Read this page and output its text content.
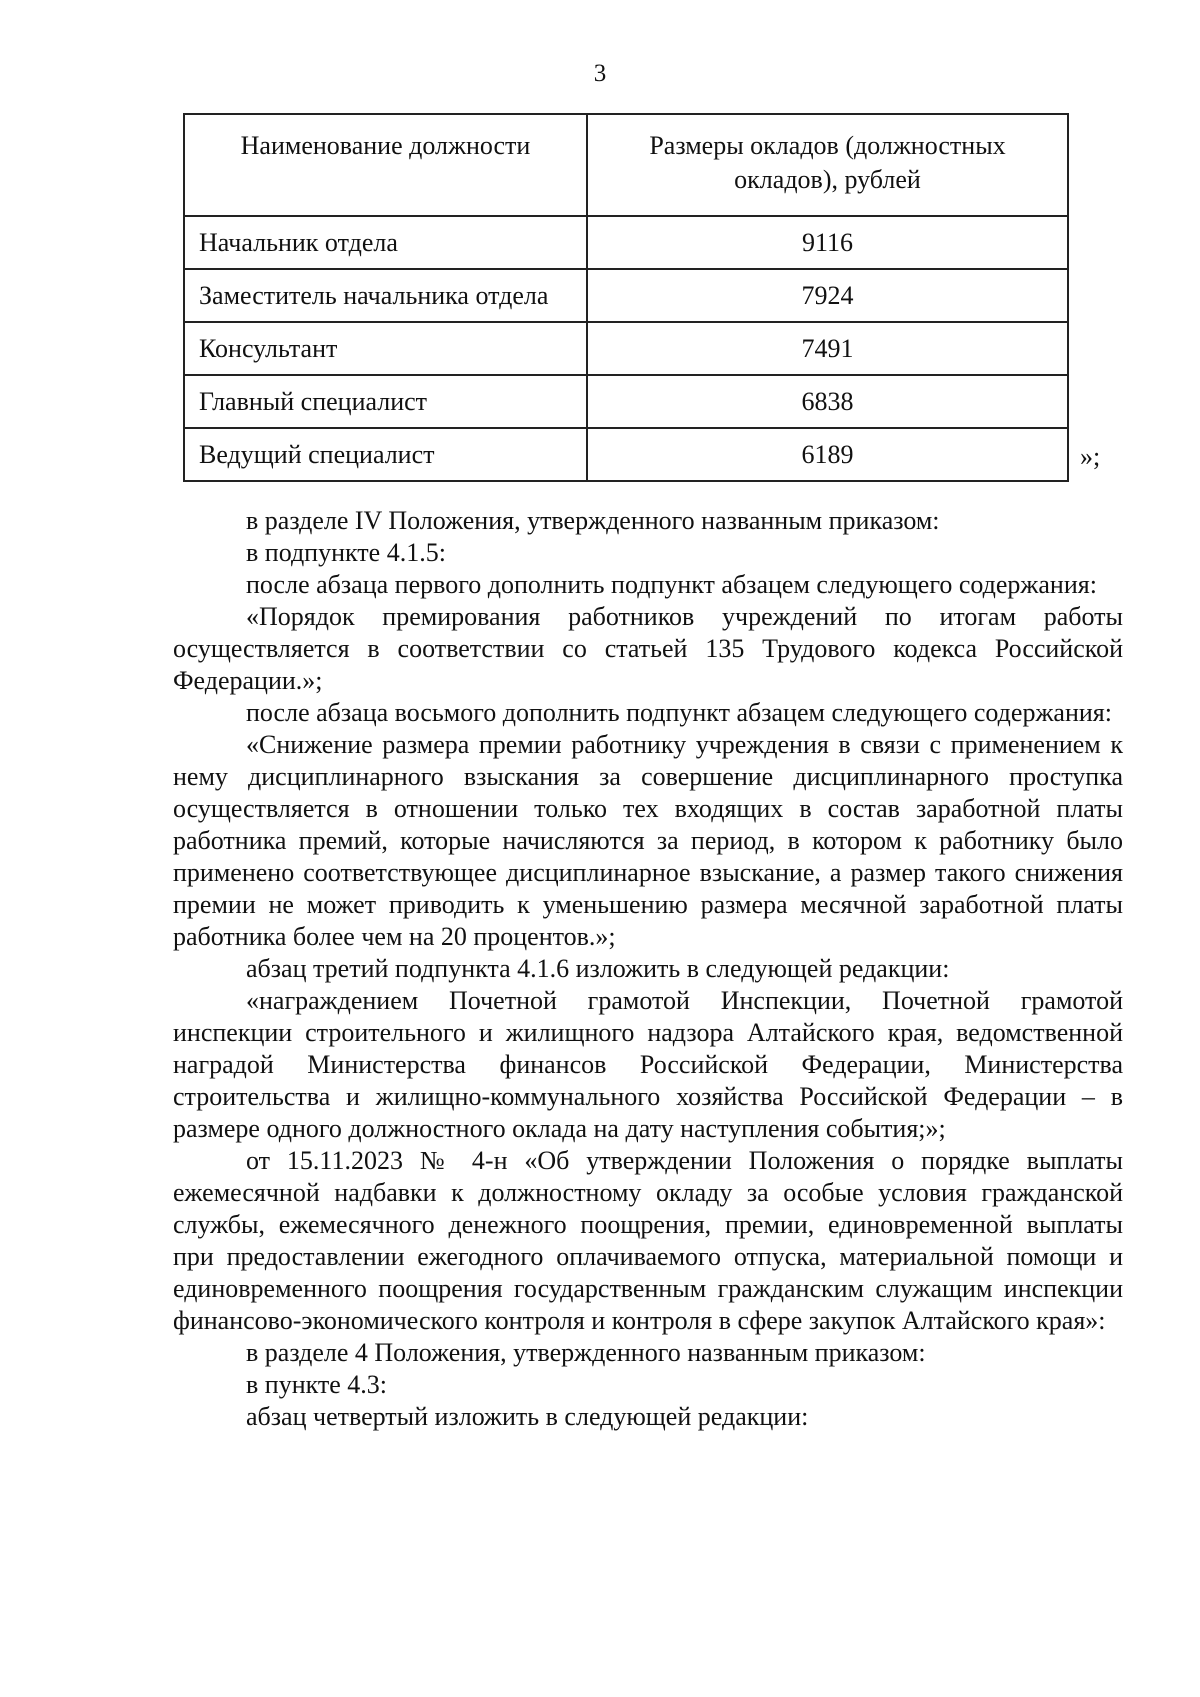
3
Наименование должности	Размеры окладов (должностных окладов), рублей
Начальник отдела	9116
Заместитель начальника отдела	7924
Консультант	7491
Главный специалист	6838
Ведущий специалист	6189	»;

в разделе IV Положения, утвержденного названным приказом:

в подпункте 4.1.5:

после абзаца первого дополнить подпункт абзацем следующего содержания:

«Порядок премирования работников учреждений по итогам работы осуществляется в соответствии со статьей 135 Трудового кодекса Российской Федерации.»;

после абзаца восьмого дополнить подпункт абзацем следующего содержания:

«Снижение размера премии работнику учреждения в связи с применением к нему дисциплинарного взыскания за совершение дисциплинарного проступка осуществляется в отношении только тех входящих в состав заработной платы работника премий, которые начисляются за период, в котором к работнику было применено соответствующее дисциплинарное взыскание, а размер такого снижения премии не может приводить к уменьшению размера месячной заработной платы работника более чем на 20 процентов.»;

абзац третий подпункта 4.1.6 изложить в следующей редакции:

«награждением Почетной грамотой Инспекции, Почетной грамотой инспекции строительного и жилищного надзора Алтайского края, ведомственной наградой Министерства финансов Российской Федерации, Министерства строительства и жилищно-коммунального хозяйства Российской Федерации – в размере одного должностного оклада на дату наступления события;»;

от 15.11.2023 № 4-н «Об утверждении Положения о порядке выплаты ежемесячной надбавки к должностному окладу за особые условия гражданской службы, ежемесячного денежного поощрения, премии, единовременной выплаты при предоставлении ежегодного оплачиваемого отпуска, материальной помощи и единовременного поощрения государственным гражданским служащим инспекции финансово-экономического контроля и контроля в сфере закупок Алтайского края»:

в разделе 4 Положения, утвержденного названным приказом:

в пункте 4.3:

абзац четвертый изложить в следующей редакции:
